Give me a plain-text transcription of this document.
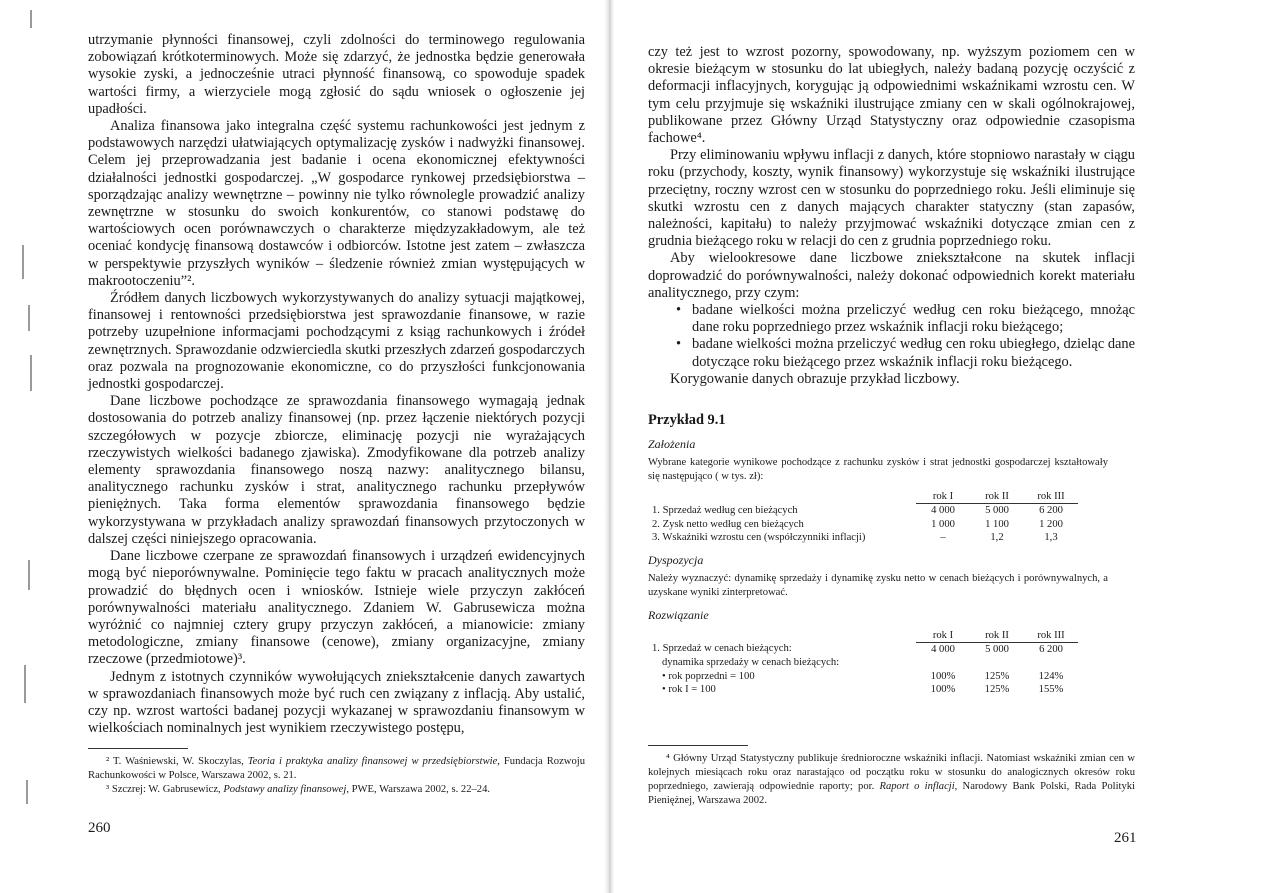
utrzymanie płynności finansowej, czyli zdolności do terminowego regulowania zobowiązań krótkoterminowych. Może się zdarzyć, że jednostka będzie generowała wysokie zyski, a jednocześnie utraci płynność finansową, co spowoduje spadek wartości firmy, a wierzyciele mogą zgłosić do sądu wniosek o ogłoszenie jej upadłości.

Analiza finansowa jako integralna część systemu rachunkowości jest jednym z podstawowych narzędzi ułatwiających optymalizację zysków i nadwyżki finansowej. Celem jej przeprowadzania jest badanie i ocena ekonomicznej efektywności działalności jednostki gospodarczej. „W gospodarce rynkowej przedsiębiorstwa – sporządzając analizy wewnętrzne – powinny nie tylko równolegle prowadzić analizy zewnętrzne w stosunku do swoich konkurentów, co stanowi podstawę do wartościowych ocen porównawczych o charakterze międzyzakładowym, ale też oceniać kondycję finansową dostawców i odbiorców. Istotne jest zatem – zwłaszcza w perspektywie przyszłych wyników – śledzenie również zmian występujących w makrootoczeniu”².

Źródłem danych liczbowych wykorzystywanych do analizy sytuacji majątkowej, finansowej i rentowności przedsiębiorstwa jest sprawozdanie finansowe, w razie potrzeby uzupełnione informacjami pochodzącymi z ksiąg rachunkowych i źródeł zewnętrznych. Sprawozdanie odzwierciedla skutki przeszłych zdarzeń gospodarczych oraz pozwala na prognozowanie ekonomiczne, co do przyszłości funkcjonowania jednostki gospodarczej.

Dane liczbowe pochodzące ze sprawozdania finansowego wymagają jednak dostosowania do potrzeb analizy finansowej (np. przez łączenie niektórych pozycji szczegółowych w pozycje zbiorcze, eliminację pozycji nie wyrażających rzeczywistych wielkości badanego zjawiska). Zmodyfikowane dla potrzeb analizy elementy sprawozdania finansowego noszą nazwy: analitycznego bilansu, analitycznego rachunku zysków i strat, analitycznego rachunku przepływów pieniężnych. Taka forma elementów sprawozdania finansowego będzie wykorzystywana w przykładach analizy sprawozdań finansowych przytoczonych w dalszej części niniejszego opracowania.

Dane liczbowe czerpane ze sprawozdań finansowych i urządzeń ewidencyjnych mogą być nieporównywalne. Pominięcie tego faktu w pracach analitycznych może prowadzić do błędnych ocen i wniosków. Istnieje wiele przyczyn zakłóceń porównywalności materiału analitycznego. Zdaniem W. Gabrusewicza można wyróżnić co najmniej cztery grupy przyczyn zakłóceń, a mianowicie: zmiany metodologiczne, zmiany finansowe (cenowe), zmiany organizacyjne, zmiany rzeczowe (przedmiotowe)³.

Jednym z istotnych czynników wywołujących zniekształcenie danych zawartych w sprawozdaniach finansowych może być ruch cen związany z inflacją. Aby ustalić, czy np. wzrost wartości badanej pozycji wykazanej w sprawozdaniu finansowym w wielkościach nominalnych jest wynikiem rzeczywistego postępu,

² T. Waśniewski, W. Skoczylas, Teoria i praktyka analizy finansowej w przedsiębiorstwie, Fundacja Rozwoju Rachunkowości w Polsce, Warszawa 2002, s. 21.

³ Szczrej: W. Gabrusewicz, Podstawy analizy finansowej, PWE, Warszawa 2002, s. 22–24.

260

czy też jest to wzrost pozorny, spowodowany, np. wyższym poziomem cen w okresie bieżącym w stosunku do lat ubiegłych, należy badaną pozycję oczyścić z deformacji inflacyjnych, korygując ją odpowiednimi wskaźnikami wzrostu cen. W tym celu przyjmuje się wskaźniki ilustrujące zmiany cen w skali ogólnokrajowej, publikowane przez Główny Urząd Statystyczny oraz odpowiednie czasopisma fachowe⁴.

Przy eliminowaniu wpływu inflacji z danych, które stopniowo narastały w ciągu roku (przychody, koszty, wynik finansowy) wykorzystuje się wskaźniki ilustrujące przeciętny, roczny wzrost cen w stosunku do poprzedniego roku. Jeśli eliminuje się skutki wzrostu cen z danych mających charakter statyczny (stan zapasów, należności, kapitału) to należy przyjmować wskaźniki dotyczące zmian cen z grudnia bieżącego roku w relacji do cen z grudnia poprzedniego roku.

Aby wielookresowe dane liczbowe zniekształcone na skutek inflacji doprowadzić do porównywalności, należy dokonać odpowiednich korekt materiału analitycznego, przy czym:

• badane wielkości można przeliczyć według cen roku bieżącego, mnożąc dane roku poprzedniego przez wskaźnik inflacji roku bieżącego;
• badane wielkości można przeliczyć według cen roku ubiegłego, dzieląc dane dotyczące roku bieżącego przez wskaźnik inflacji roku bieżącego.

Korygowanie danych obrazuje przykład liczbowy.

Przykład 9.1

Założenia

Wybrane kategorie wynikowe pochodzące z rachunku zysków i strat jednostki gospodarczej kształtowały się następująco ( w tys. zł):

	rok I	rok II	rok III
1. Sprzedaż według cen bieżących	4 000	5 000	6 200
2. Zysk netto według cen bieżących	1 000	1 100	1 200
3. Wskaźniki wzrostu cen (współczynniki inflacji)	–	1,2	1,3

Dyspozycja

Należy wyznaczyć: dynamikę sprzedaży i dynamikę zysku netto w cenach bieżących i porównywalnych, a uzyskane wyniki zinterpretować.

Rozwiązanie

	rok I	rok II	rok III
1. Sprzedaż w cenach bieżących:	4 000	5 000	6 200
dynamika sprzedaży w cenach bieżących:			
• rok poprzedni = 100	100%	125%	124%
• rok I = 100	100%	125%	155%

⁴ Główny Urząd Statystyczny publikuje średnioroczne wskaźniki inflacji. Natomiast wskaźniki zmian cen w kolejnych miesiącach roku oraz narastająco od początku roku w stosunku do analogicznych okresów roku poprzedniego, zawierają odpowiednie raporty; por. Raport o inflacji, Narodowy Bank Polski, Rada Polityki Pieniężnej, Warszawa 2002.

261
